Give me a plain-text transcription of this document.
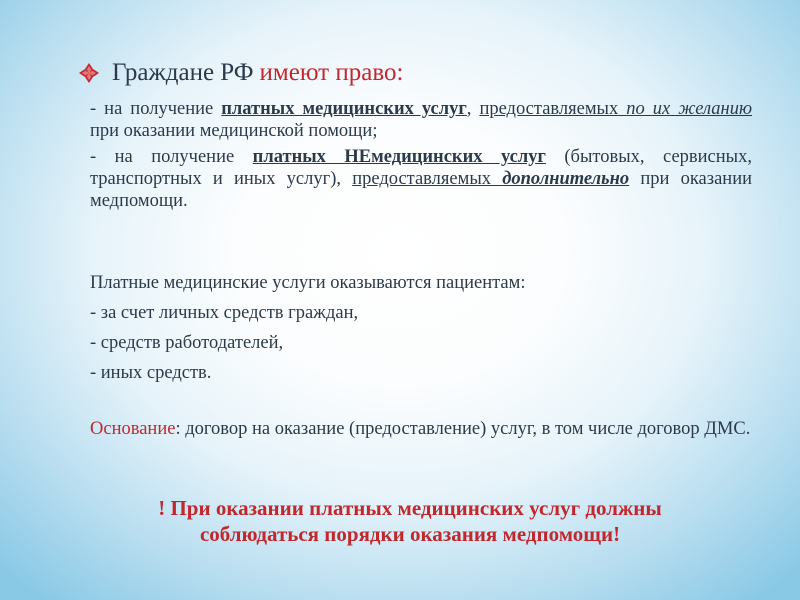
Граждане РФ имеют право:
- на получение платных медицинских услуг, предоставляемых по их желанию при оказании медицинской помощи;
- на получение платных НЕмедицинских услуг (бытовых, сервисных, транспортных и иных услуг), предоставляемых дополнительно при оказании медпомощи.
Платные медицинские услуги оказываются пациентам:
- за счет личных средств граждан,
- средств работодателей,
- иных средств.
Основание: договор на оказание (предоставление) услуг, в том числе договор ДМС.
! При оказании платных медицинских услуг должны
соблюдаться порядки оказания медпомощи!
